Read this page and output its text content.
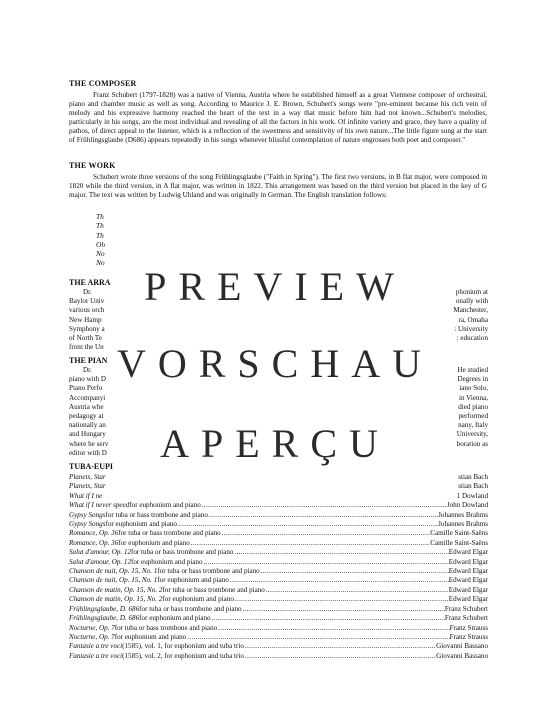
THE COMPOSER
Franz Schubert (1797-1828) was a native of Vienna, Austria where he established himself as a great Viennese composer of orchestral, piano and chamber music as well as song. According to Maurice J. E. Brown, Schubert's songs were "pre-eminent because his rich vein of melody and his expressive harmony reached the heart of the text in a way that music before him had not known...Schubert's melodies, particularly in his songs, are the most individual and revealing of all the factors in his work. Of infinite variety and grace, they have a quality of pathos, of direct appeal to the listener, which is a reflection of the sweetness and sensitivity of his own nature...The little figure sung at the start of Frühlingsglaube (D686) appears repeatedly in his songs whenever blissful contemplation of nature engrosses both poet and composer."
THE WORK
Schubert wrote three versions of the song Frühlingsglaube ("Faith in Spring"). The first two versions, in B flat major, were composed in 1820 while the third version, in A flat major, was written in 1822. This arrangement was based on the third version but placed in the key of G major. The text was written by Ludwig Uhland and was originally in German. The English translation follows:
Th
Th
Th
Oh
No
No
THE ARRA
Dr.
Baylor Univ
various orch
New Hamp
Symphony a
of North Te
from the Un
phonium at
onally with
Manchester,
ra, Omaha
: University
: education
THE PIAN
Dr.
piano with D
Piano Perfo
Accompanyi
Austria whe
pedagogy at
nationally an
and Hungary
where he serv
editor with D
He studied
Degrees in
iano Solo,
in Vienna,
died piano
performed
nany, Italy
University,
boration as
PREVIEW
VORSCHAU
APERÇU
TUBA-EUPI
Planets, Star	stian Bach
Planets, Star	stian Bach
What if I ne	1 Dowland
What if I never speed for euphonium and piano .....	John Dowland
Gypsy Songs for tuba or bass trombone and piano .....	Johannes Brahms
Gypsy Songs for euphonium and piano .....	Johannes Brahms
Romance, Op. 36 for tuba or bass trombone and piano .....	Camille Saint-Saëns
Romance, Op. 36 for euphonium and piano .....	Camille Saint-Saëns
Salut d'amour, Op. 12 for tuba or bass trombone and piano .....	Edward Elgar
Salut d'amour, Op. 12 for euphonium and piano .....	Edward Elgar
Chanson de nuit, Op. 15, No. 1 for tuba or bass trombone and piano .....	Edward Elgar
Chanson de nuit, Op. 15, No. 1 for euphonium and piano .....	Edward Elgar
Chanson de matin, Op. 15, No. 2 for tuba or bass trombone and piano .....	Edward Elgar
Chanson de matin, Op. 15, No. 2 for euphonium and piano .....	Edward Elgar
Frühlingsglaube, D. 686 for tuba or bass trombone and piano .....	Franz Schubert
Frühlingsglaube, D. 686 for euphonium and piano .....	Franz Schubert
Nocturne, Op. 7 for tuba or bass trombone and piano .....	Franz Strauss
Nocturne, Op. 7 for euphonium and piano .....	Franz Strauss
Fantasie a tre voci (1585), vol. 1, for euphonium and tuba trio .....	Giovanni Bassano
Fantasie a tre voci (1585), vol. 2, for euphonium and tuba trio .....	Giovanni Bassano
